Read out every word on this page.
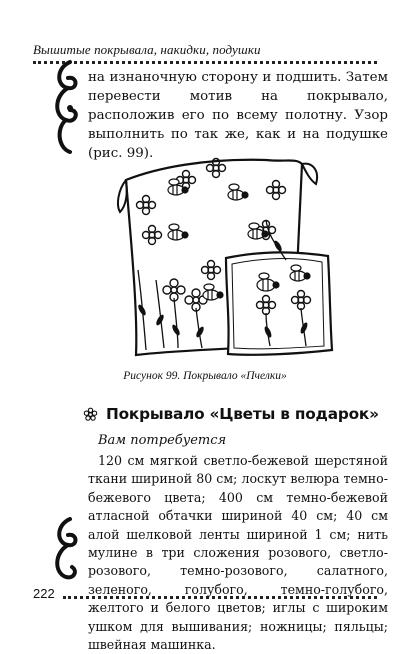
Вышитые покрывала, накидки, подушки

на изнаночную сторону и подшить. Затем перевести мотив на покрывало, расположив его по всему полотну. Узор выполнить по так же, как и на подушке (рис. 99).

Рисунок 99. Покрывало «Пчелки»
Покрывало «Цветы в подарок»
Вам потребуется

120 см мягкой светло-бежевой шерстяной ткани шириной 80 см; лоскут велюра темно-бежевого цвета; 400 см темно-бежевой атласной обтачки шириной 40 см; 40 см алой шелковой ленты шириной 1 см; нить мулине в три сложения розового, светло-розового, темно-розового, салатного, зеленого, голубого, темно-голубого, желтого и белого цветов; иглы с широким ушком для вышивания; ножницы; пяльцы; швейная машинка.

222
